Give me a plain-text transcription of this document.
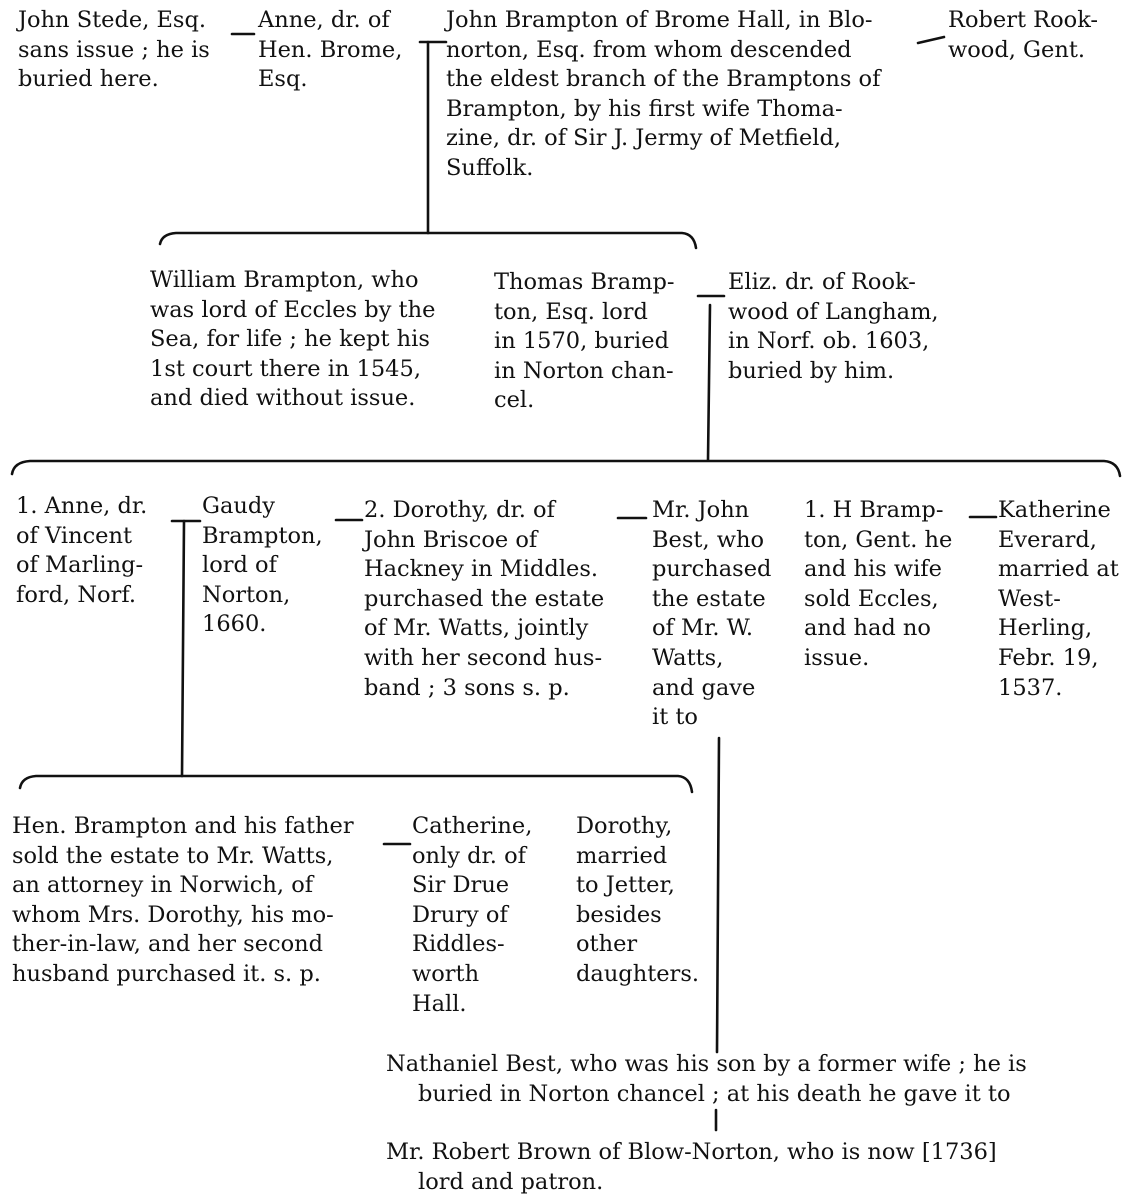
John Stede, Esq.
sans issue ; he is
buried here.
Anne, dr. of
Hen. Brome,
Esq.
John Brampton of Brome Hall, in Blo-
norton, Esq. from whom descended
the eldest branch of the Bramptons of
Brampton, by his first wife Thoma-
zine, dr. of Sir J. Jermy of Metfield,
Suffolk.
Robert Rook-
wood, Gent.
William Brampton, who
was lord of Eccles by the
Sea, for life ; he kept his
1st court there in 1545,
and died without issue.
Thomas Bramp-
ton, Esq. lord
in 1570, buried
in Norton chan-
cel.
Eliz. dr. of Rook-
wood of Langham,
in Norf. ob. 1603,
buried by him.
1. Anne, dr.
of Vincent
of Marling-
ford, Norf.
Gaudy
Brampton,
lord of
Norton,
1660.
2. Dorothy, dr. of
John Briscoe of
Hackney in Middles.
purchased the estate
of Mr. Watts, jointly
with her second hus-
band ; 3 sons s. p.
Mr. John
Best, who
purchased
the estate
of Mr. W.
Watts,
and gave
it to
1. H Bramp-
ton, Gent. he
and his wife
sold Eccles,
and had no
issue.
Katherine
Everard,
married at
West-
Herling,
Febr. 19,
1537.
Hen. Brampton and his father
sold the estate to Mr. Watts,
an attorney in Norwich, of
whom Mrs. Dorothy, his mo-
ther-in-law, and her second
husband purchased it. s. p.
Catherine,
only dr. of
Sir Drue
Drury of
Riddles-
worth
Hall.
Dorothy,
married
to Jetter,
besides
other
daughters.
Nathaniel Best, who was his son by a former wife ; he is
buried in Norton chancel ; at his death he gave it to
Mr. Robert Brown of Blow-Norton, who is now [1736]
lord and patron.
